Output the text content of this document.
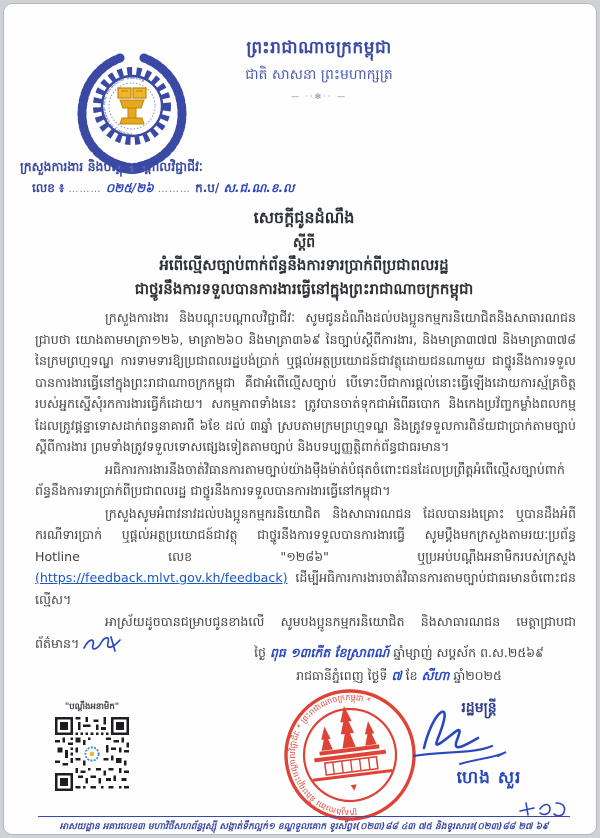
ព្រះរាជាណាចក្រកម្ពុជា
ជាតិ សាសនា ព្រះមហាក្សត្រ
— ··✻·· —
Ministry of Labour and Vocational Training
ក្រសួងការងារ និងបណ្តុះបណ្តាលវិជ្ជាជីវៈ
លេខ ៖ ……… ០២៥/២៦ ……… ក.ប/ ស.ជ.ណ.ខ.ល
សេចក្តីជូនដំណឹង
ស្តីពី
អំពើល្មើសច្បាប់ពាក់ព័ន្ធនឹងការទារប្រាក់ពីប្រជាពលរដ្ឋ
ជាថ្នូរនឹងការទទួលបានការងារធ្វើនៅក្នុងព្រះរាជាណាចក្រកម្ពុជា

ក្រសួងការងារ និងបណ្តុះបណ្តាលវិជ្ជាជីវៈ សូមជូនដំណឹងដល់បងប្អូនកម្មករនិយោជិតនិងសាធារណជនជ្រាបថា យោងតាមមាត្រា១២៦, មាត្រា២៦០ និងមាត្រា៣៦៩ នៃច្បាប់ស្តីពីការងារ, និងមាត្រា៣៧៧ និងមាត្រា៣៧៨ នៃក្រមព្រហ្មទណ្ឌ ការទាមទារឱ្យប្រជាពលរដ្ឋបង់ប្រាក់ ឬផ្តល់អត្ថប្រយោជន៍ជាវត្ថុដោយជនណាមួយ ជាថ្នូរនឹងការទទួលបានការងារធ្វើនៅក្នុងព្រះរាជាណាចក្រកម្ពុជា គឺជាអំពើល្មើសច្បាប់ បើទោះបីជាការផ្តល់នោះធ្វើឡើងដោយការស្ម័គ្រចិត្តរបស់អ្នកស្នើសុំរកការងារធ្វើក៏ដោយ។ សកម្មភាពទាំងនេះ ត្រូវបានចាត់ទុកជាអំពើឆបោក និងកេងប្រវ័ញ្ចកម្លាំងពលកម្ម ដែលត្រូវផ្តន្ទាទោសដាក់ពន្ធនាគារពី ៦ខែ ដល់ ៣ឆ្នាំ ស្របតាមក្រមព្រហ្មទណ្ឌ និងត្រូវទទួលការពិន័យជាប្រាក់តាមច្បាប់ស្តីពីការងារ ព្រមទាំងត្រូវទទួលទោសផ្សេងទៀតតាមច្បាប់ និងបទប្បញ្ញត្តិពាក់ព័ន្ធជាធរមាន។

អធិការការងារនឹងចាត់វិធានការតាមច្បាប់យ៉ាងម៉ឺងម៉ាត់បំផុតចំពោះជនដែលប្រព្រឹត្តអំពើល្មើសច្បាប់ពាក់ព័ន្ធនឹងការទារប្រាក់ពីប្រជាពលរដ្ឋ ជាថ្នូរនឹងការទទួលបានការងារធ្វើនៅកម្ពុជា។

ក្រសួងសូមអំពាវនាវដល់បងប្អូនកម្មករនិយោជិត និងសាធារណជន ដែលបានរងគ្រោះ ឬបានដឹងអំពីករណីទារប្រាក់ ឬផ្តល់អត្ថប្រយោជន៍ជាវត្ថុ ជាថ្នូរនឹងការទទួលបានការងារធ្វើ សូមប្តឹងមកក្រសួងតាមរយៈប្រព័ន្ធ Hotline លេខ "១២៨៦" ឬប្រអប់បណ្តឹងអនាមិករបស់ក្រសួង (https://feedback.mlvt.gov.kh/feedback) ដើម្បីអធិការការងារចាត់វិធានការតាមច្បាប់ជាធរមានចំពោះជនល្មើស។

អាស្រ័យដូចបានជម្រាបជូនខាងលើ សូមបងប្អូនកម្មករនិយោជិត និងសាធារណជន មេត្តាជ្រាបជាព័ត៌មាន។

ថ្ងៃ ពុធ ១៣កើត ខែស្រាពណ៍ ឆ្នាំម្សាញ់ សប្តស័ក ព.ស.២៥៦៩
រាជធានីភ្នំពេញ ថ្ងៃទី ៧ ខែ សីហា ឆ្នាំ២០២៥
រដ្ឋមន្ត្រី
ក្រសួងការងារ និងបណ្តុះបណ្តាលវិជ្ជាជីវៈ * ព្រះរាជាណាចក្រកម្ពុជា *
ហេង សួរ
"បណ្តឹងអនាមិក"
អាសយដ្ឋាន អគារលេខ៣ មហាវិថីសហព័ន្ធរុស្ស៊ី សង្កាត់ទឹកល្អក់១ ខណ្ឌទួលគោក ទូរស័ព្ទ៖(០២៣)៨៨ ៤៣ ៧៥ និងទូរសារ៖(០២៣)៨៨ ២៧ ៦៩
